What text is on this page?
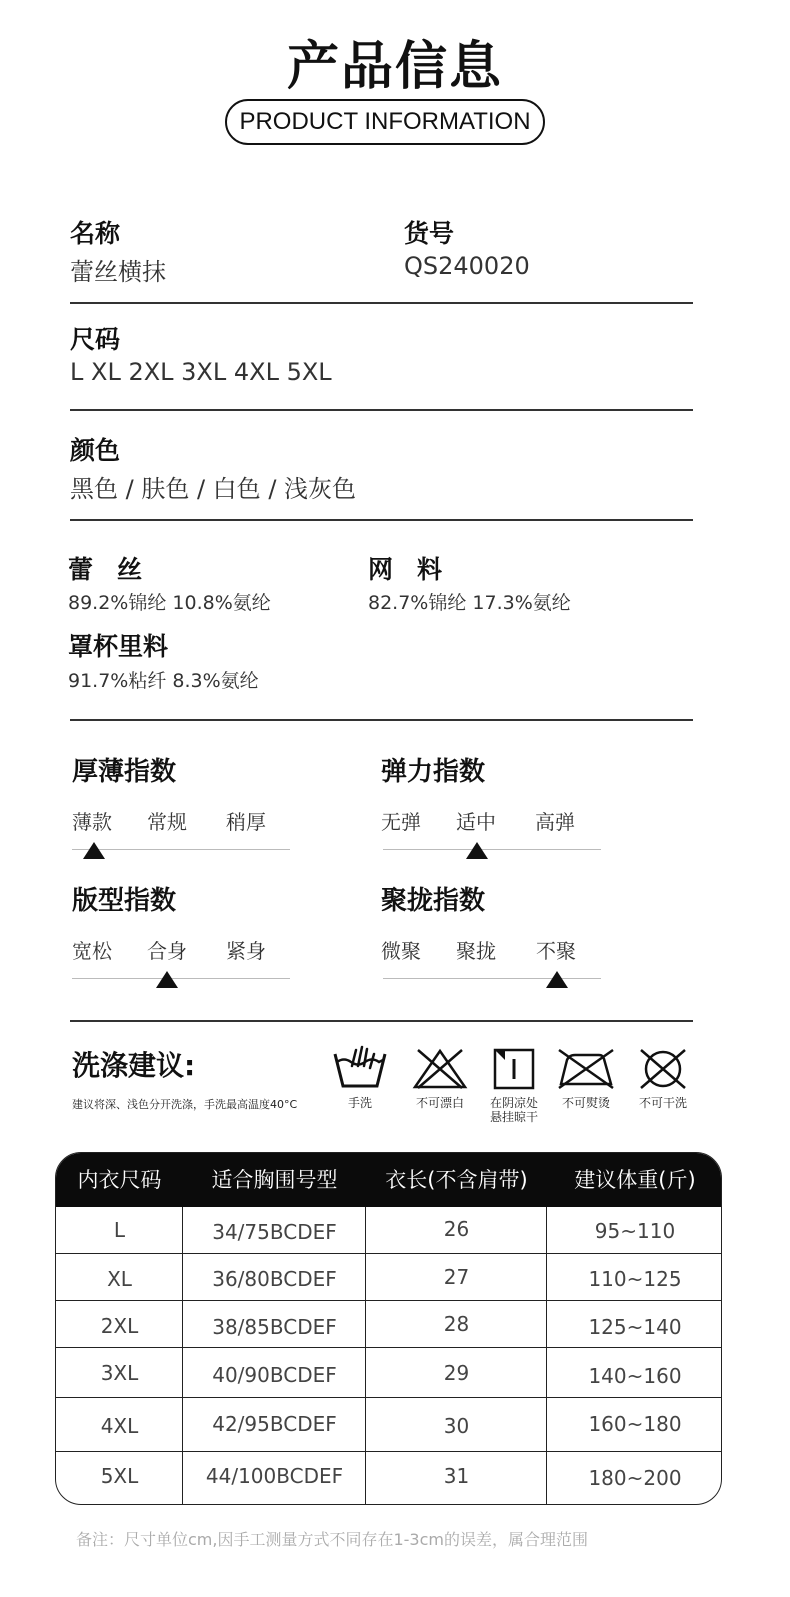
产品信息
PRODUCT INFORMATION
名称
蕾丝横抹
货号
QS240020
尺码
L XL 2XL 3XL 4XL 5XL
颜色
黑色 / 肤色 / 白色 / 浅灰色
蕾丝
89.2%锦纶 10.8%氨纶
网料
82.7%锦纶 17.3%氨纶
罩杯里料
91.7%粘纤 8.3%氨纶
厚薄指数
薄款 常规 稍厚
弹力指数
无弹 适中 高弹
版型指数
宽松 合身 紧身
聚拢指数
微聚 聚拢 不聚
洗涤建议:
建议将深、浅色分开洗涤，手洗最高温度40°C	手洗	不可漂白	在阴凉处
悬挂晾干
不可熨烫	不可干洗
内衣尺码	适合胸围号型	衣长(不含肩带)	建议体重(斤)
L	34/75BCDEF	26	95~110
XL	36/80BCDEF	27	110~125
2XL	38/85BCDEF	28	125~140
3XL	40/90BCDEF	29	140~160
4XL	42/95BCDEF	30	160~180
5XL	44/100BCDEF	31	180~200
备注：尺寸单位cm,因手工测量方式不同存在1-3cm的误差，属合理范围
